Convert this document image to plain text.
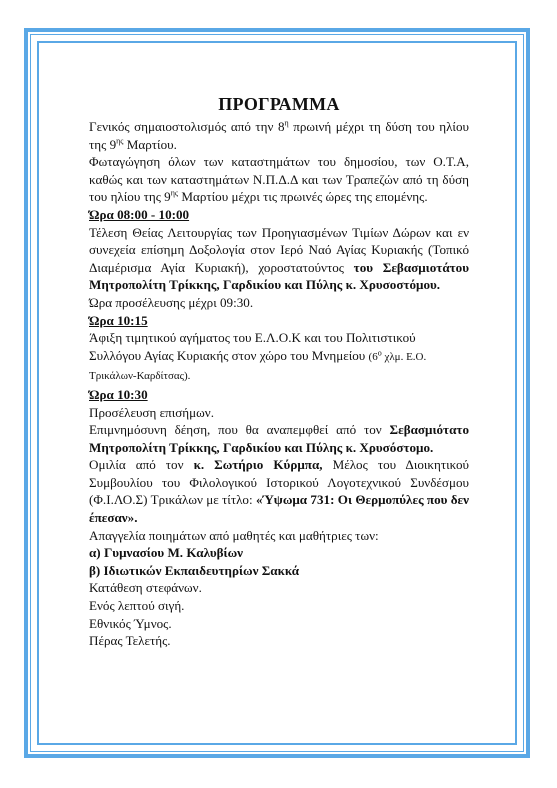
ΠΡΟΓΡΑΜΜΑ

Γενικός σημαιοστολισμός από την $8^\eta$ πρωινή μέχρι τη δύση του ηλίου της $9^{\eta\varsigma}$ Μαρτίου.

Φωταγώγηση όλων των καταστημάτων του δημοσίου, των Ο.Τ.Α, καθώς και των καταστημάτων Ν.Π.Δ.Δ και των Τραπεζών από τη δύση του ηλίου της $9^{\eta\varsigma}$ Μαρτίου μέχρι τις πρωινές ώρες της επομένης.

Ώρα 08:00 - 10:00

Τέλεση Θείας Λειτουργίας των Προηγιασμένων Τιμίων Δώρων και εν συνεχεία επίσημη Δοξολογία στον Ιερό Ναό Αγίας Κυριακής (Τοπικό Διαμέρισμα Αγία Κυριακή), χοροστατούντος του Σεβασμιοτάτου Μητροπολίτη Τρίκκης, Γαρδικίου και Πύλης κ. Χρυσοστόμου.

Ώρα προσέλευσης μέχρι 09:30.

Ώρα 10:15

Άφιξη τιμητικού αγήματος του Ε.Λ.Ο.Κ και του Πολιτιστικού Συλλόγου Αγίας Κυριακής στον χώρο του Μνημείου ($6^o$ χλμ. Ε.Ο. Τρικάλων-Καρδίτσας).

Ώρα 10:30

Προσέλευση επισήμων.

Επιμνημόσυνη δέηση, που θα αναπεμφθεί από τον Σεβασμιότατο Μητροπολίτη Τρίκκης, Γαρδικίου και Πύλης κ. Χρυσόστομο.

Ομιλία από τον κ. Σωτήριο Κύρμπα, Μέλος του Διοικητικού Συμβουλίου του Φιλολογικού Ιστορικού Λογοτεχνικού Συνδέσμου (Φ.Ι.ΛΟ.Σ) Τρικάλων με τίτλο: «Ύψωμα 731: Οι Θερμοπύλες που δεν έπεσαν».

Απαγγελία ποιημάτων από μαθητές και μαθήτριες των:

α) Γυμνασίου Μ. Καλυβίων

β) Ιδιωτικών Εκπαιδευτηρίων Σακκά

Κατάθεση στεφάνων.

Ενός λεπτού σιγή.

Εθνικός Ύμνος.

Πέρας Τελετής.
